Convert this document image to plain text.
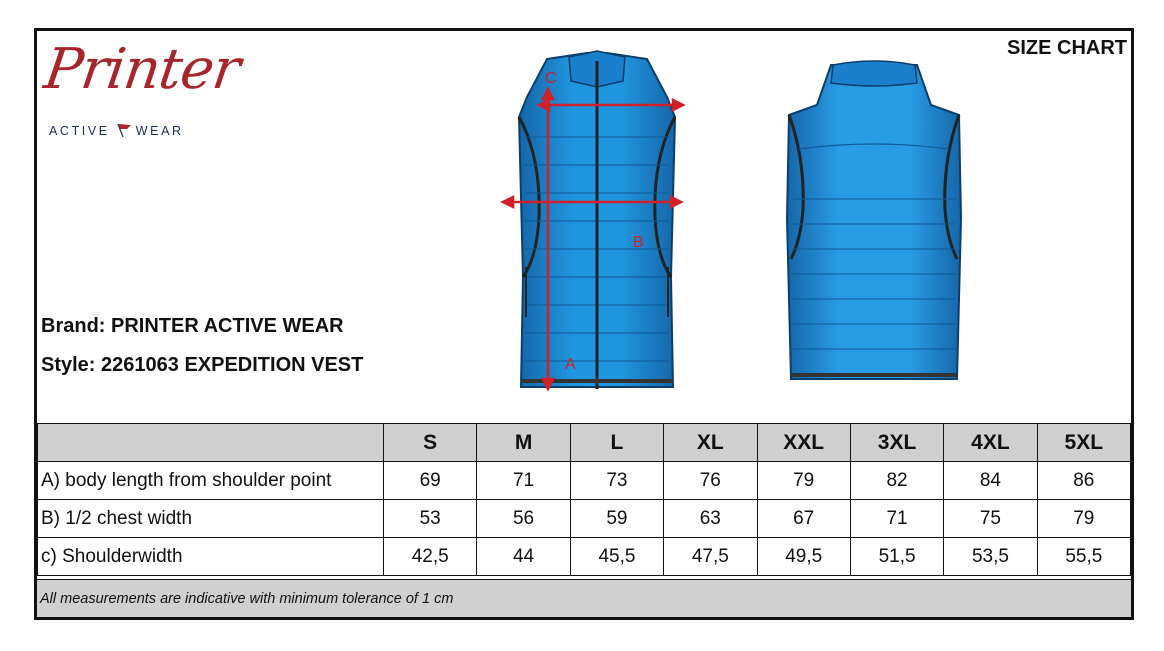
Printer
ACTIVE WEAR
SIZE CHART
Brand: PRINTER ACTIVE WEAR
Style: 2261063 EXPEDITION VEST
C
B
A
	S	M	L	XL	XXL	3XL	4XL	5XL
A) body length from shoulder point	69	71	73	76	79	82	84	86
B) 1/2 chest width	53	56	59	63	67	71	75	79
c) Shoulderwidth	42,5	44	45,5	47,5	49,5	51,5	53,5	55,5
All measurements are indicative with minimum tolerance of 1 cm
